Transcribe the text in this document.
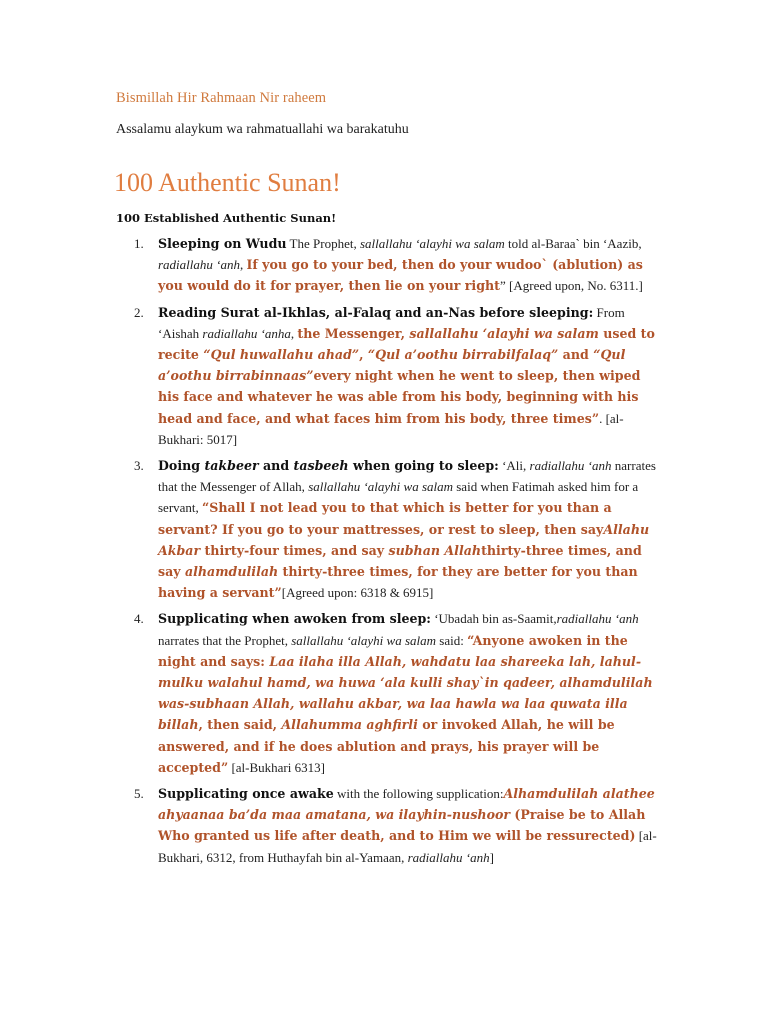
Bismillah Hir Rahmaan Nir raheem
Assalamu alaykum wa rahmatuallahi wa barakatuhu
100 Authentic Sunan!

100 Established Authentic Sunan!

1. Sleeping on Wudu The Prophet, sallallahu ‘alayhi wa salam told al-Baraa` bin ‘Aazib, radiallahu ‘anh, If you go to your bed, then do your wudoo` (ablution) as you would do it for prayer, then lie on your right” [Agreed upon, No. 6311.]
2. Reading Surat al-Ikhlas, al-Falaq and an-Nas before sleeping: From ‘Aishah radiallahu ‘anha, the Messenger, sallallahu ‘alayhi wa salam used to recite “Qul huwallahu ahad”, “Qul a’oothu birrabilfalaq” and “Qul a’oothu birrabinnaas”every night when he went to sleep, then wiped his face and whatever he was able from his body, beginning with his head and face, and what faces him from his body, three times”. [al-Bukhari: 5017]
3. Doing takbeer and tasbeeh when going to sleep: ‘Ali, radiallahu ‘anh narrates that the Messenger of Allah, sallallahu ‘alayhi wa salam said when Fatimah asked him for a servant, “Shall I not lead you to that which is better for you than a servant? If you go to your mattresses, or rest to sleep, then sayAllahu Akbar thirty-four times, and say subhan Allahthirty-three times, and say alhamdulilah thirty-three times, for they are better for you than having a servant”[Agreed upon: 6318 & 6915]
4. Supplicating when awoken from sleep: ‘Ubadah bin as-Saamit,radiallahu ‘anh narrates that the Prophet, sallallahu ‘alayhi wa salam said: “Anyone awoken in the night and says: Laa ilaha illa Allah, wahdatu laa shareeka lah, lahul-mulku walahul hamd, wa huwa ‘ala kulli shay`in qadeer, alhamdulilah was-subhaan Allah, wallahu akbar, wa laa hawla wa laa quwata illa billah, then said, Allahumma aghfirli or invoked Allah, he will be answered, and if he does ablution and prays, his prayer will be accepted” [al-Bukhari 6313]
5. Supplicating once awake with the following supplication:Alhamdulilah alathee ahyaanaa ba’da maa amatana, wa ilayhin-nushoor (Praise be to Allah Who granted us life after death, and to Him we will be ressurected) [al-Bukhari, 6312, from Huthayfah bin al-Yamaan, radiallahu ‘anh]
